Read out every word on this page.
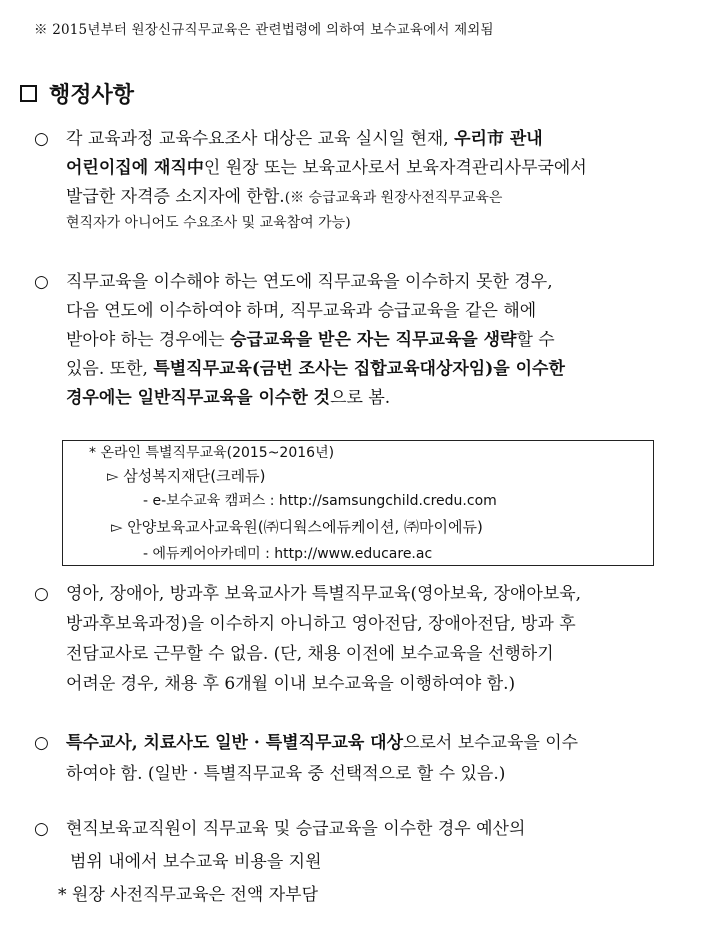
※ 2015년부터 원장신규직무교육은 관련법령에 의하여 보수교육에서 제외됨
행정사항
○ 각 교육과정 교육수요조사 대상은 교육 실시일 현재, 우리市 관내
어린이집에 재직中인 원장 또는 보육교사로서 보육자격관리사무국에서
발급한 자격증 소지자에 한함.(※ 승급교육과 원장사전직무교육은
현직자가 아니어도 수요조사 및 교육참여 가능)
○ 직무교육을 이수해야 하는 연도에 직무교육을 이수하지 못한 경우,
다음 연도에 이수하여야 하며, 직무교육과 승급교육을 같은 해에
받아야 하는 경우에는 승급교육을 받은 자는 직무교육을 생략할 수
있음. 또한, 특별직무교육(금번 조사는 집합교육대상자임)을 이수한
경우에는 일반직무교육을 이수한 것으로 봄.
* 온라인 특별직무교육(2015~2016년)
▻ 삼성복지재단(크레듀)
- e-보수교육 캠퍼스 : http://samsungchild.credu.com
▻ 안양보육교사교육원(㈜디웍스에듀케이션, ㈜마이에듀)
- 에듀케어아카데미 : http://www.educare.ac
○ 영아, 장애아, 방과후 보육교사가 특별직무교육(영아보육, 장애아보육,
방과후보육과정)을 이수하지 아니하고 영아전담, 장애아전담, 방과 후
전담교사로 근무할 수 없음. (단, 채용 이전에 보수교육을 선행하기
어려운 경우, 채용 후 6개월 이내 보수교육을 이행하여야 함.)
○ 특수교사, 치료사도 일반 · 특별직무교육 대상으로서 보수교육을 이수
하여야 함. (일반 · 특별직무교육 중 선택적으로 할 수 있음.)
○ 현직보육교직원이 직무교육 및 승급교육을 이수한 경우 예산의
범위 내에서 보수교육 비용을 지원
* 원장 사전직무교육은 전액 자부담
